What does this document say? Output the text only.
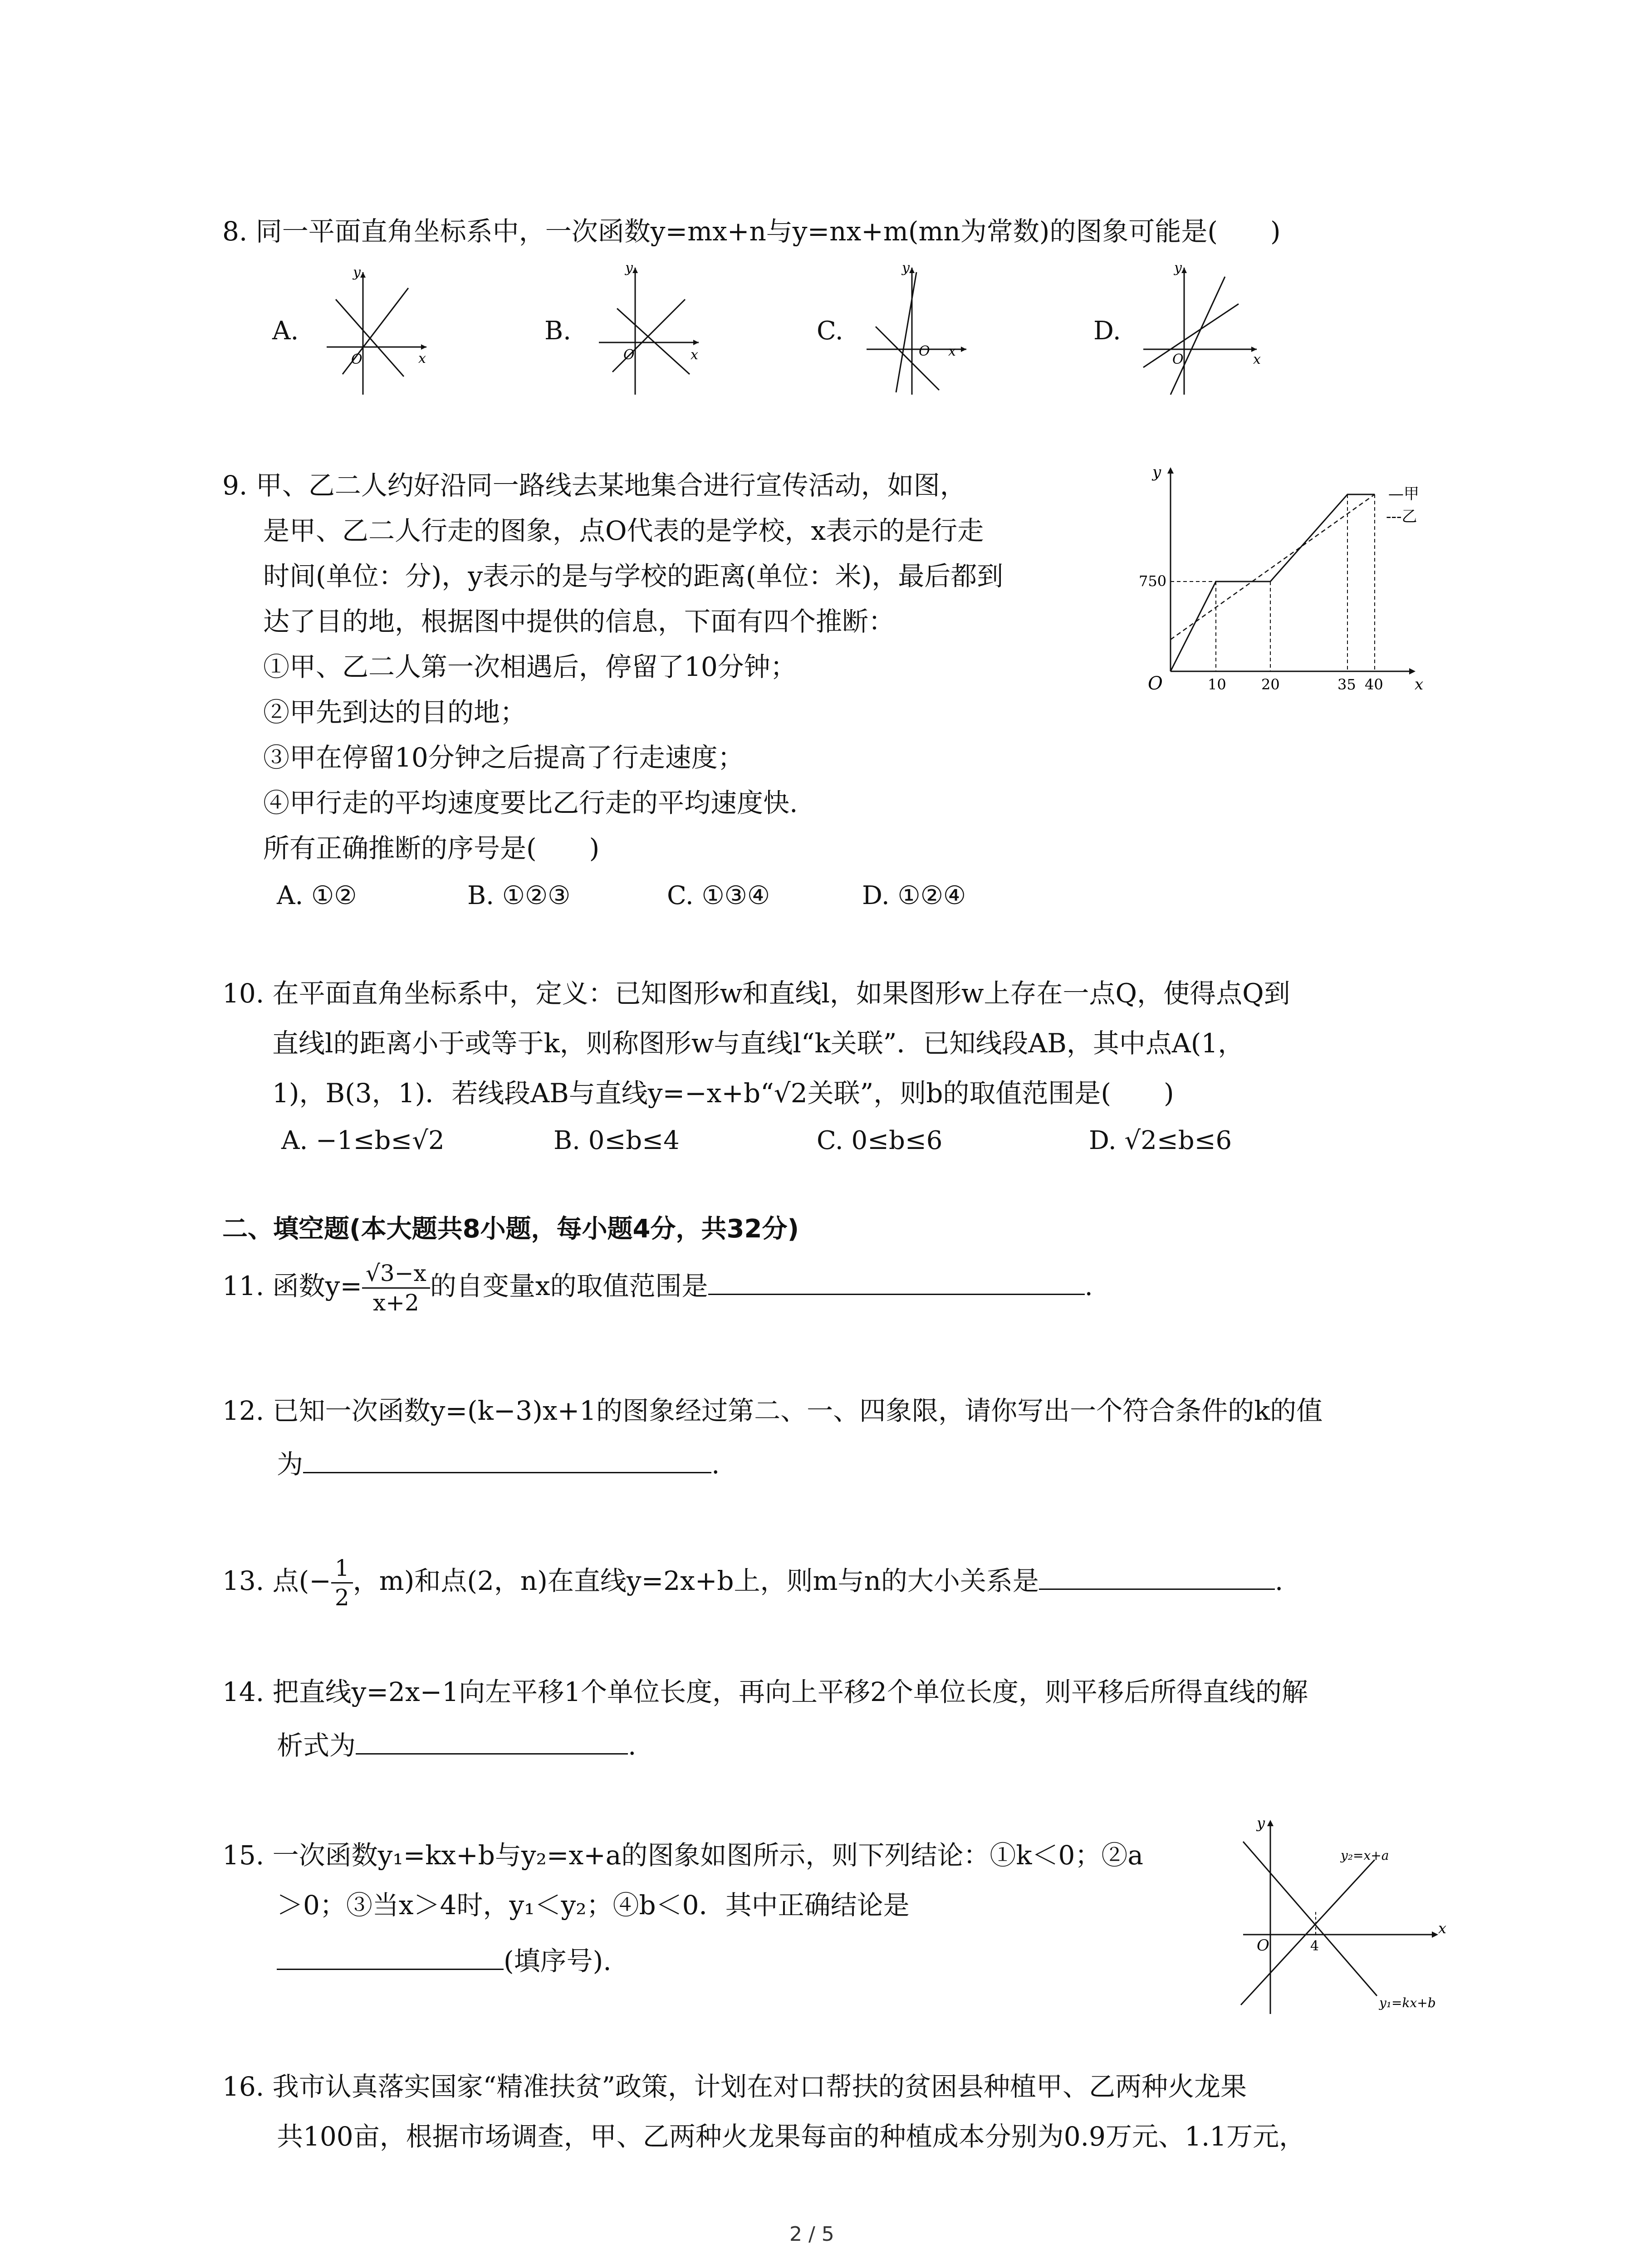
8. 同一平面直角坐标系中，一次函数y=mx+n与y=nx+m(mn为常数)的图象可能是(　　)
A.
y
x
O
B.
y
x
O
C.
y
x
O
D.
y
x
O
9. 甲、乙二人约好沿同一路线去某地集合进行宣传活动，如图，
是甲、乙二人行走的图象，点O代表的是学校，x表示的是行走
时间(单位：分)，y表示的是与学校的距离(单位：米)，最后都到
达了目的地，根据图中提供的信息，下面有四个推断：
①甲、乙二人第一次相遇后，停留了10分钟；
②甲先到达的目的地；
③甲在停留10分钟之后提高了行走速度；
④甲行走的平均速度要比乙行走的平均速度快.
所有正确推断的序号是(　　)
A. ①②	B. ①②③	C. ①③④	D. ①②④
y
x
O
750
10 20	35 40
—甲
---乙
10. 在平面直角坐标系中，定义：已知图形w和直线l，如果图形w上存在一点Q，使得点Q到
直线l的距离小于或等于k，则称图形w与直线l“k关联”．已知线段AB，其中点A(1，
1)，B(3，1)．若线段AB与直线y=−x+b“√2关联”，则b的取值范围是(　　)
A. −1≤b≤√2	B. 0≤b≤4	C. 0≤b≤6	D. √2≤b≤6
二、填空题(本大题共8小题，每小题4分，共32分)
11. 函数$y= \frac{√3-x}{x+2}$ 的自变量x的取值范围是	.
12. 已知一次函数y=(k−3)x+1的图象经过第二、一、四象限，请你写出一个符合条件的k的值
为	.
13. 点(− $\frac{1}{2}$ ，m)和点(2，n)在直线y=2x+b上，则m与n的大小关系是	.
14. 把直线y=2x−1向左平移1个单位长度，再向上平移2个单位长度，则平移后所得直线的解
析式为	.
15. 一次函数y₁=kx+b与y₂=x+a的图象如图所示，则下列结论：①k＜0；②a
＞0；③当x＞4时，y₁＜y₂；④b＜0．其中正确结论是
(填序号).
y
x
O	4
y₂=x+a
y₁=kx+b
16. 我市认真落实国家“精准扶贫”政策，计划在对口帮扶的贫困县种植甲、乙两种火龙果
共100亩，根据市场调查，甲、乙两种火龙果每亩的种植成本分别为0.9万元、1.1万元，
2 / 5
